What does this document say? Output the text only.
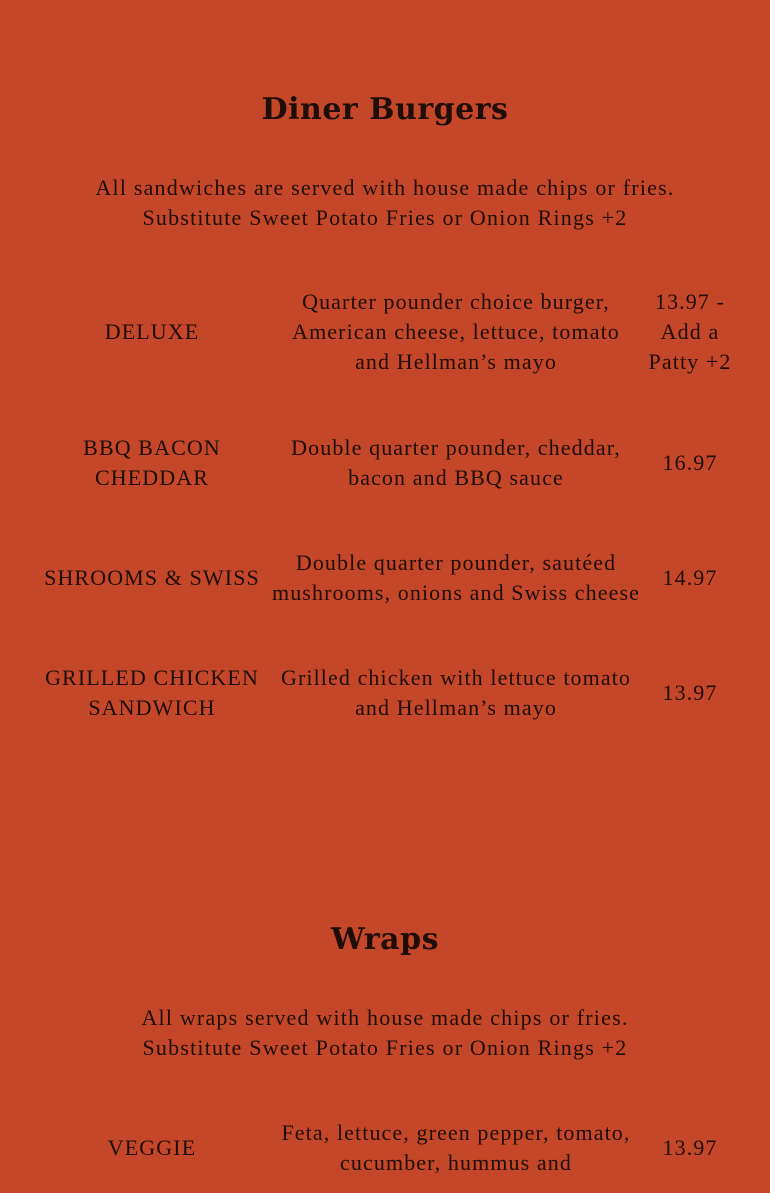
Diner Burgers
All sandwiches are served with house made chips or fries.
Substitute Sweet Potato Fries or Onion Rings +2
DELUXE
Quarter pounder choice burger, American cheese, lettuce, tomato and Hellman’s mayo
13.97 - Add a Patty +2
BBQ BACON CHEDDAR
Double quarter pounder, cheddar, bacon and BBQ sauce
16.97
SHROOMS & SWISS
Double quarter pounder, sautéed mushrooms, onions and Swiss cheese
14.97
GRILLED CHICKEN SANDWICH
Grilled chicken with lettuce tomato and Hellman’s mayo
13.97
Wraps
All wraps served with house made chips or fries.
Substitute Sweet Potato Fries or Onion Rings +2
VEGGIE
Feta, lettuce, green pepper, tomato, cucumber, hummus and
13.97
